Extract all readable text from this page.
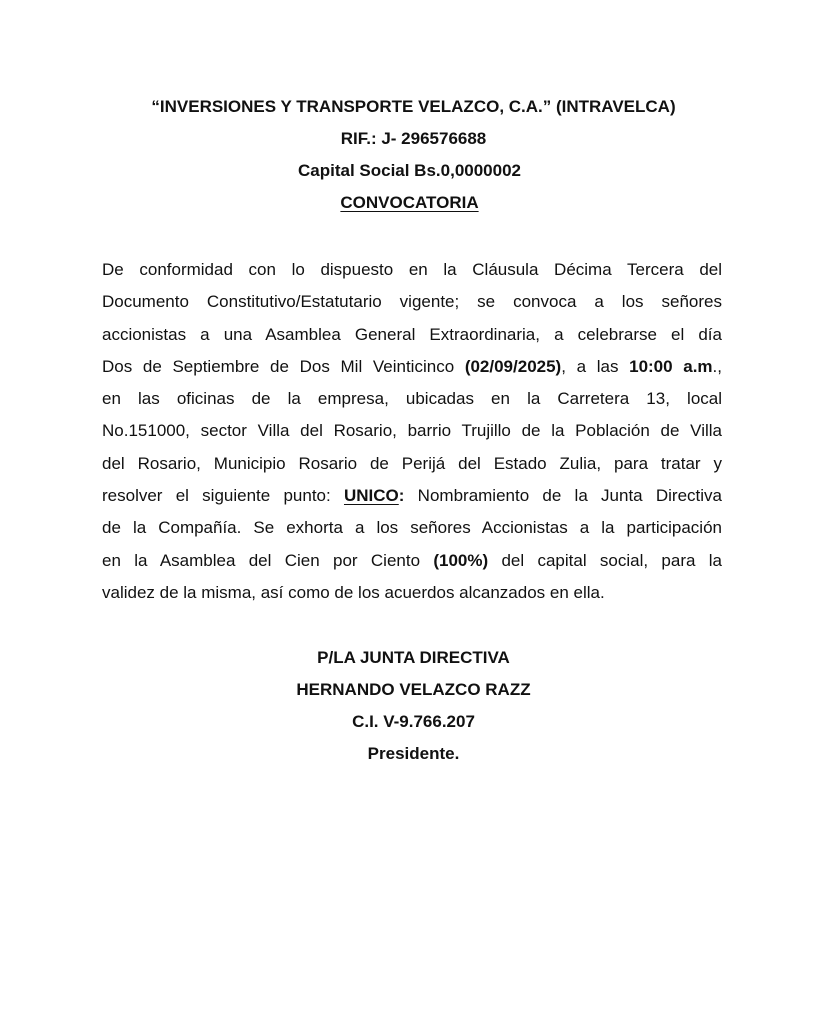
“INVERSIONES Y TRANSPORTE VELAZCO, C.A.” (INTRAVELCA)
RIF.: J- 296576688
Capital Social Bs.0,0000002
CONVOCATORIA
De conformidad con lo dispuesto en la Cláusula Décima Tercera del
Documento Constitutivo/Estatutario vigente; se convoca a los señores
accionistas a una Asamblea General Extraordinaria, a celebrarse el día
Dos de Septiembre de Dos Mil Veinticinco (02/09/2025), a las 10:00 a.m.,
en las oficinas de la empresa, ubicadas en la Carretera 13, local
No.151000, sector Villa del Rosario, barrio Trujillo de la Población de Villa
del Rosario, Municipio Rosario de Perijá del Estado Zulia, para tratar y
resolver el siguiente punto: UNICO: Nombramiento de la Junta Directiva
de la Compañía. Se exhorta a los señores Accionistas a la participación
en la Asamblea del Cien por Ciento (100%) del capital social, para la
validez de la misma, así como de los acuerdos alcanzados en ella.
P/LA JUNTA DIRECTIVA
HERNANDO VELAZCO RAZZ
C.I. V-9.766.207
Presidente.
